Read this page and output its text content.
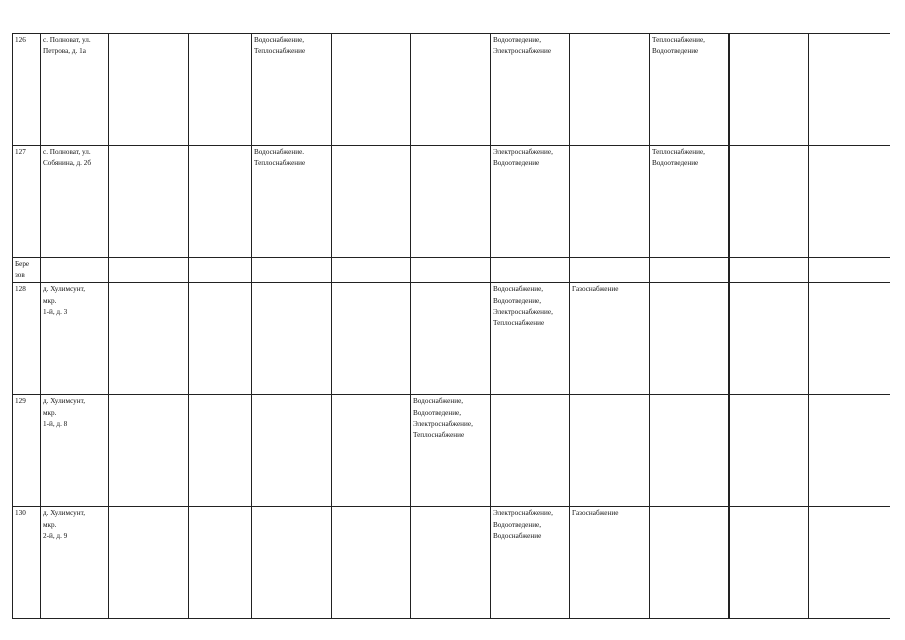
126	с. Полноват, ул.
Петрова, д. 1а			Водоснабжение,
Теплоснабжение			Водоотведение,
Электроснабжение		Теплоснабжение,
Водоотведение		

127	с. Полноват, ул.
Собянина, д. 2б			Водоснабжение.
Теплоснабжение			Электроснабжение,
Водоотведение		Теплоснабжение,
Водоотведение		

Бере
зов											

128	д. Хулимсунт,
мкр.
1-й, д. 3						Водоснабжение,
Водоотведение,
Электроснабжение,
Теплоснабжение	Газоснабжение			

129	д. Хулимсунт,
мкр.
1-й, д. 8					Водоснабжение,
Водоотведение,
Электроснабжение,
Теплоснабжение					

130	д. Хулимсунт,
мкр.
2-й, д. 9						Электроснабжение,
Водоотведение,
Водоснабжение	Газоснабжение			
